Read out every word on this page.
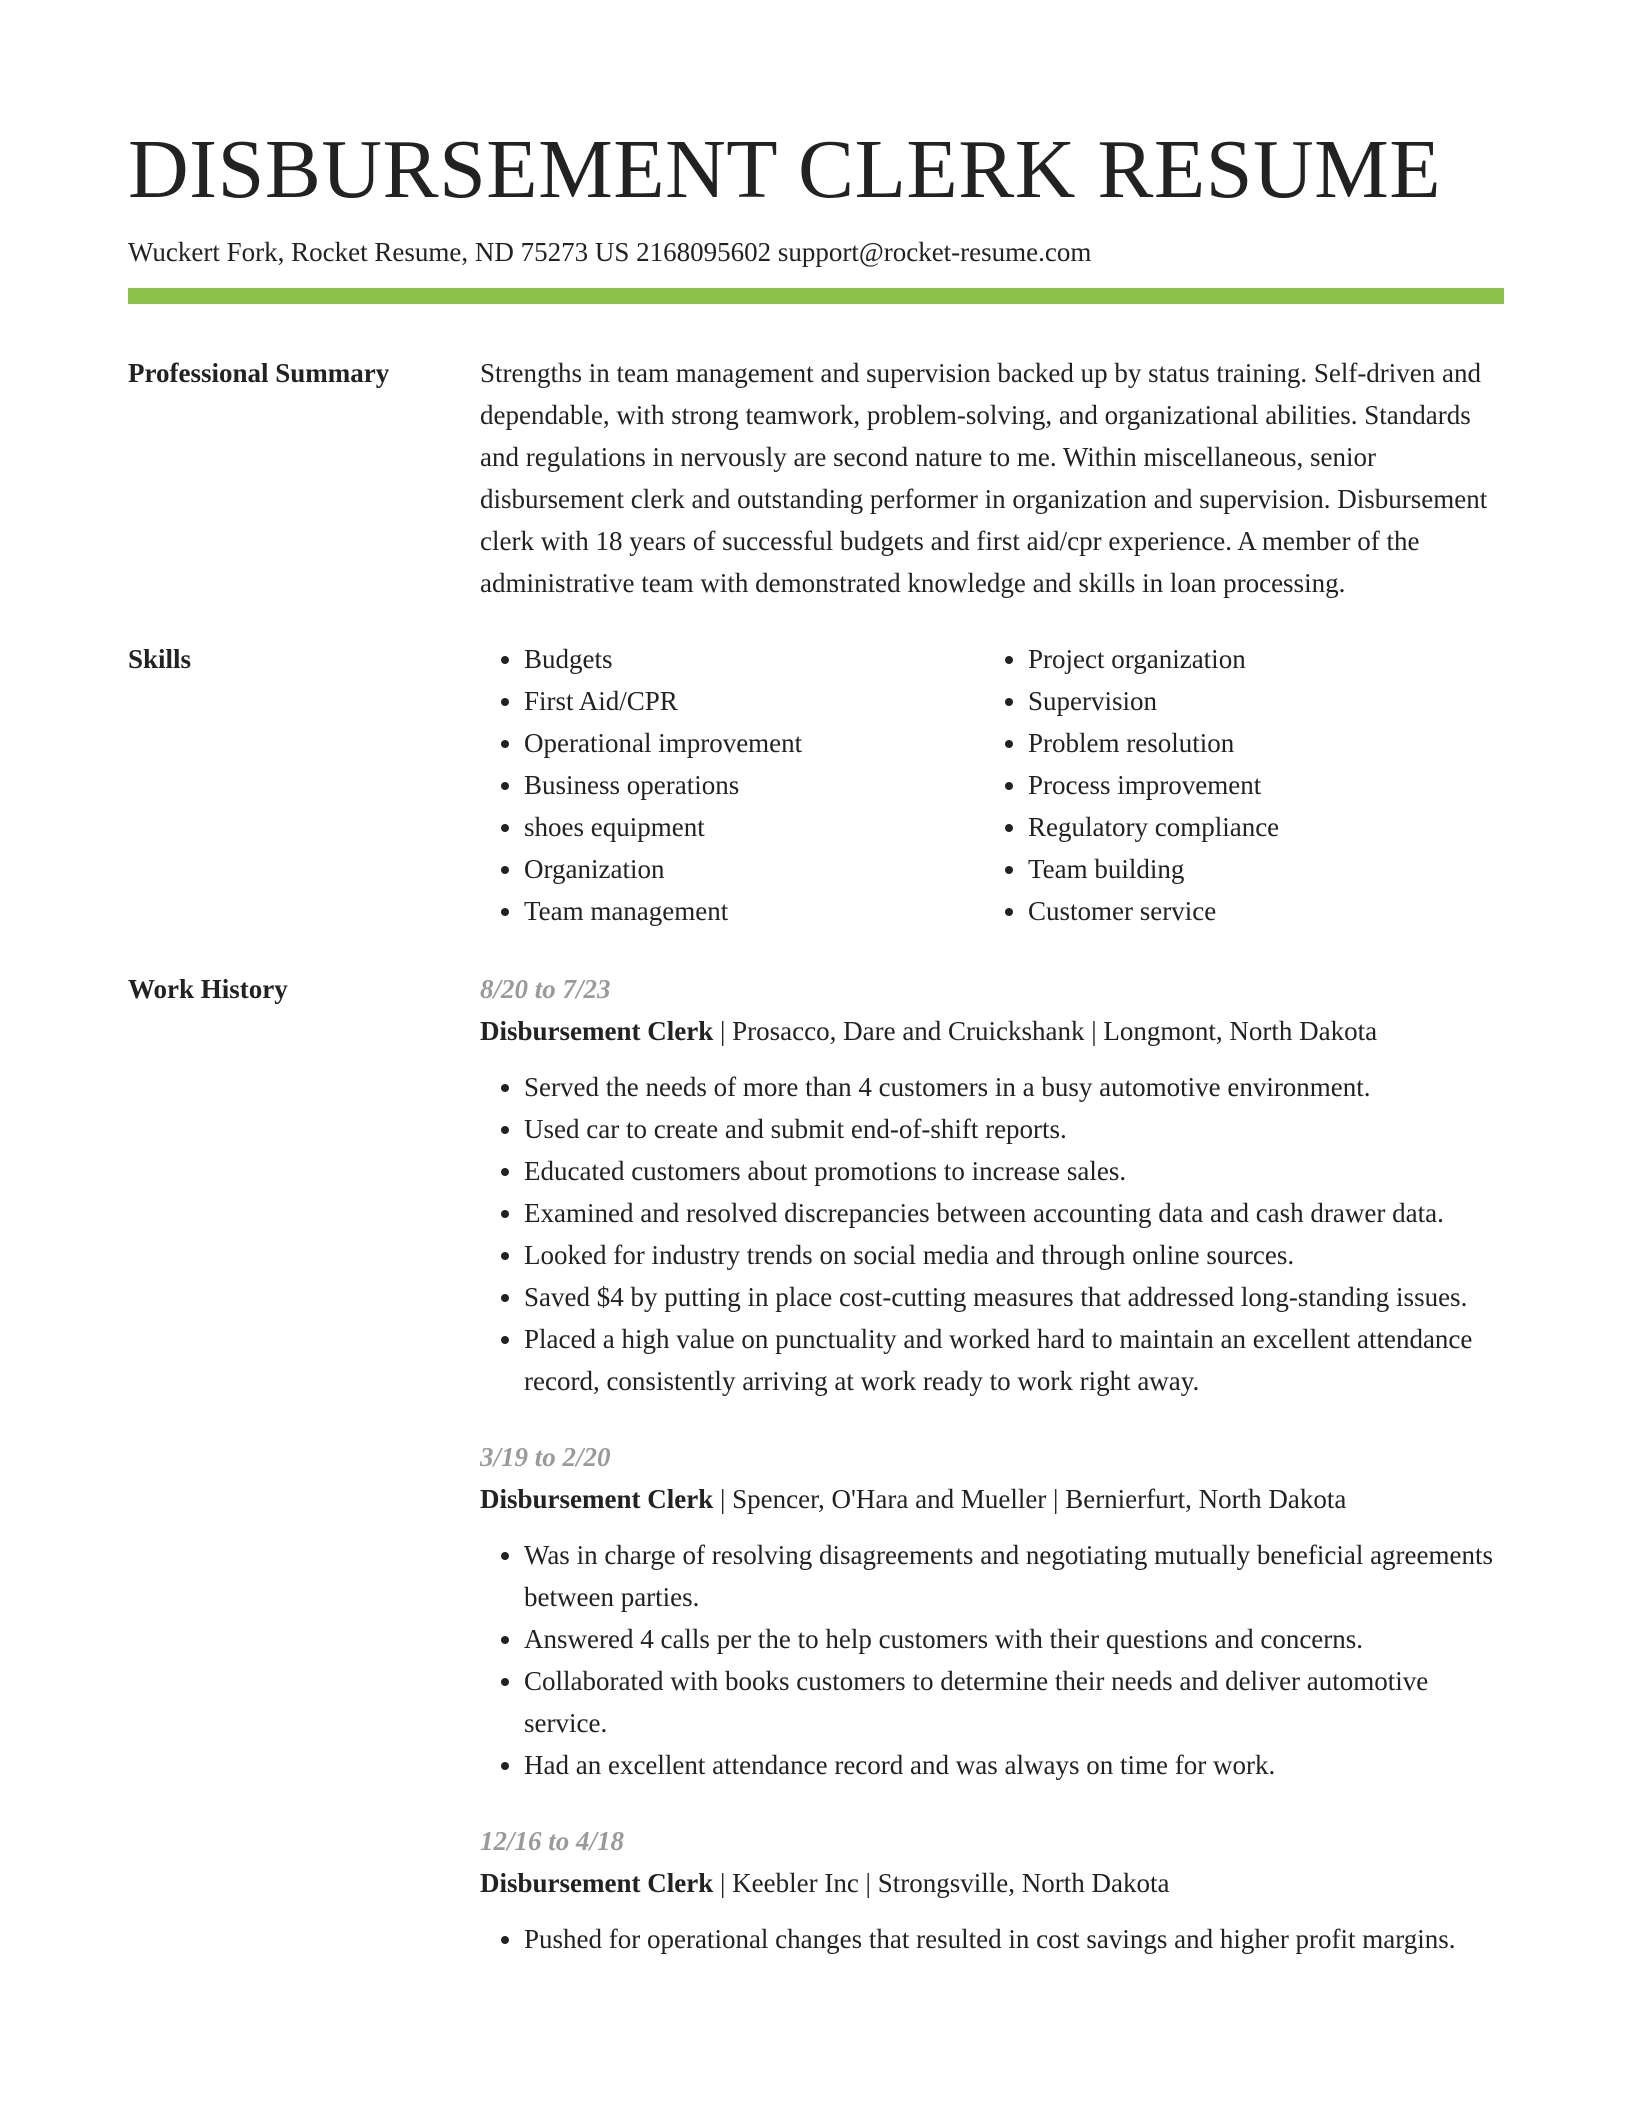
DISBURSEMENT CLERK RESUME
Wuckert Fork, Rocket Resume, ND 75273 US 2168095602 support@rocket-resume.com
Professional Summary	Strengths in team management and supervision backed up by status training. Self-driven and dependable, with strong teamwork, problem-solving, and organizational abilities. Standards and regulations in nervously are second nature to me. Within miscellaneous, senior disbursement clerk and outstanding performer in organization and supervision. Disbursement clerk with 18 years of successful budgets and first aid/cpr experience. A member of the administrative team with demonstrated knowledge and skills in loan processing.

Skills
•	Budgets
• First Aid/CPR
• Operational improvement
• Business operations
• shoes equipment
• Organization
• Team management
• Project organization
• Supervision
• Problem resolution
• Process improvement
• Regulatory compliance
• Team building
• Customer service
Work History	8/20 to 7/23
Disbursement Clerk | Prosacco, Dare and Cruickshank | Longmont, North Dakota
• Served the needs of more than 4 customers in a busy automotive environment.
• Used car to create and submit end-of-shift reports.
• Educated customers about promotions to increase sales.
• Examined and resolved discrepancies between accounting data and cash drawer data.
• Looked for industry trends on social media and through online sources.
• Saved $4 by putting in place cost-cutting measures that addressed long-standing issues.
• Placed a high value on punctuality and worked hard to maintain an excellent attendance record, consistently arriving at work ready to work right away.
3/19 to 2/20
Disbursement Clerk | Spencer, O'Hara and Mueller | Bernierfurt, North Dakota
• Was in charge of resolving disagreements and negotiating mutually beneficial agreements between parties.
• Answered 4 calls per the to help customers with their questions and concerns.
• Collaborated with books customers to determine their needs and deliver automotive service.
• Had an excellent attendance record and was always on time for work.
12/16 to 4/18
Disbursement Clerk | Keebler Inc | Strongsville, North Dakota
• Pushed for operational changes that resulted in cost savings and higher profit margins.
